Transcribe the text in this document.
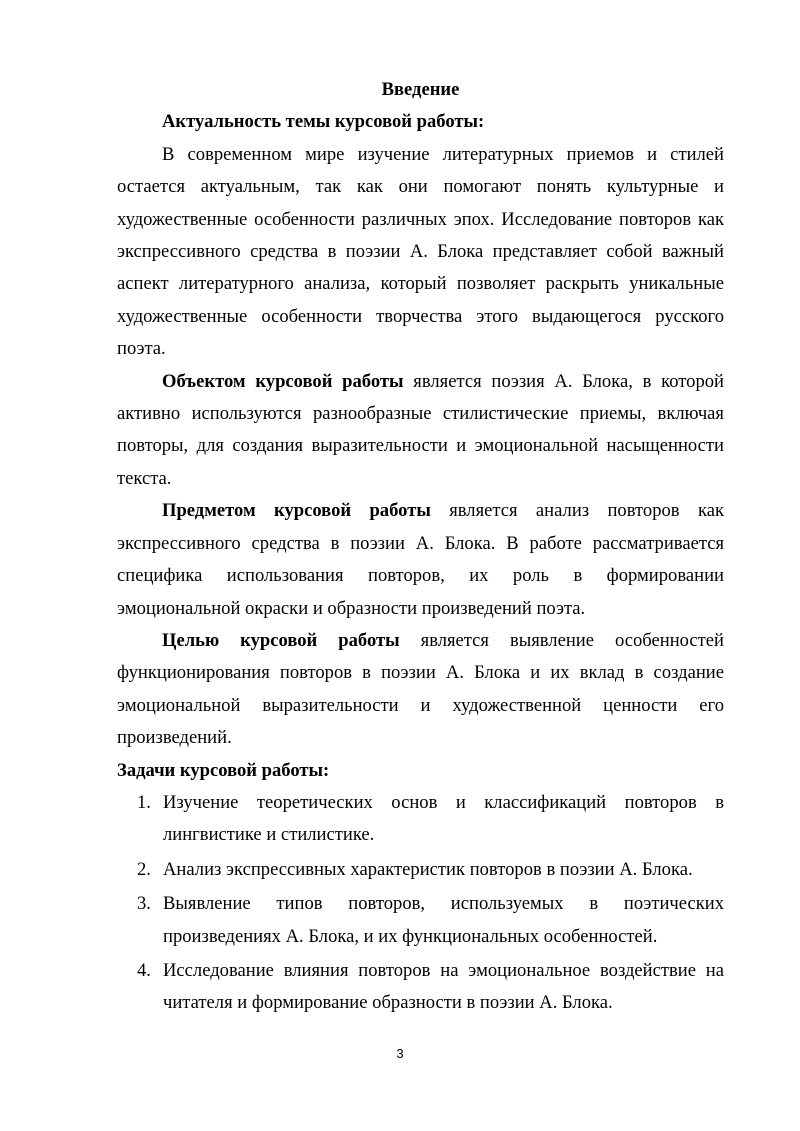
Введение

Актуальность темы курсовой работы:

В современном мире изучение литературных приемов и стилей остается актуальным, так как они помогают понять культурные и художественные особенности различных эпох. Исследование повторов как экспрессивного средства в поэзии А. Блока представляет собой важный аспект литературного анализа, который позволяет раскрыть уникальные художественные особенности творчества этого выдающегося русского поэта.

Объектом курсовой работы является поэзия А. Блока, в которой активно используются разнообразные стилистические приемы, включая повторы, для создания выразительности и эмоциональной насыщенности текста.

Предметом курсовой работы является анализ повторов как экспрессивного средства в поэзии А. Блока. В работе рассматривается специфика использования повторов, их роль в формировании эмоциональной окраски и образности произведений поэта.

Целью курсовой работы является выявление особенностей функционирования повторов в поэзии А. Блока и их вклад в создание эмоциональной выразительности и художественной ценности его произведений.

Задачи курсовой работы:

1. Изучение теоретических основ и классификаций повторов в лингвистике и стилистике.
2. Анализ экспрессивных характеристик повторов в поэзии А. Блока.
3. Выявление типов повторов, используемых в поэтических произведениях А. Блока, и их функциональных особенностей.
4. Исследование влияния повторов на эмоциональное воздействие на читателя и формирование образности в поэзии А. Блока.
3
